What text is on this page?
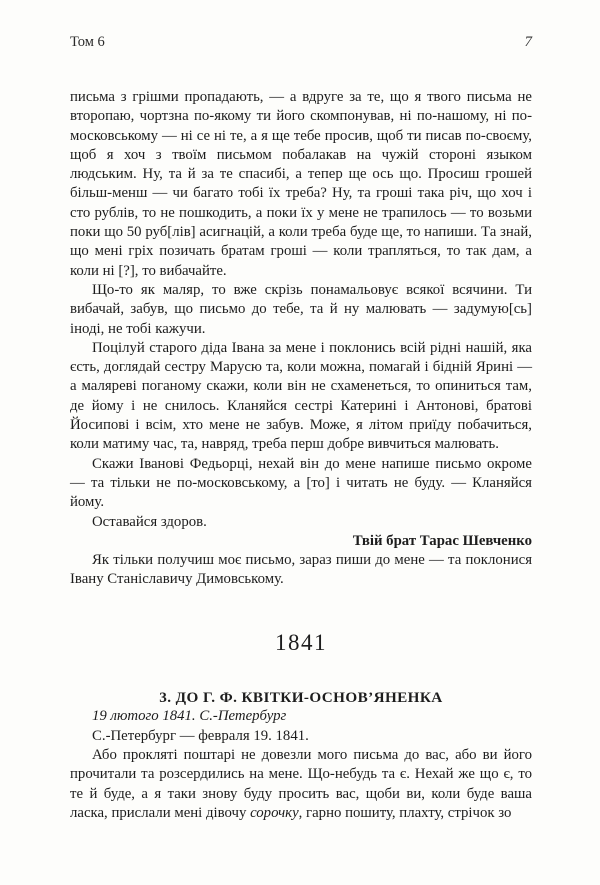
Том 6	7

письма з грішми пропадають, — а вдруге за те, що я твого письма не второпаю, чортзна по-якому ти його скомпонував, ні по-нашому, ні по-московському — ні се ні те, а я ще тебе просив, щоб ти писав по-своєму, щоб я хоч з твоїм письмом побалакав на чужій стороні языком людським. Ну, та й за те спасибі, а тепер ще ось що. Просиш грошей більш-менш — чи багато тобі їх треба? Ну, та гроші така річ, що хоч і сто рублів, то не пошкодить, а поки їх у мене не трапилось — то возьми поки що 50 руб[лів] асигнацій, а коли треба буде ще, то напиши. Та знай, що мені гріх позичать братам гроші — коли трапляться, то так дам, а коли ні [?], то вибачайте.

Що-то як маляр, то вже скрізь понамальовує всякої всячини. Ти вибачай, забув, що письмо до тебе, та й ну малювать — задумую[сь] іноді, не тобі кажучи.

Поцілуй старого діда Івана за мене і поклонись всій рідні нашій, яка єсть, доглядай сестру Марусю та, коли можна, помагай і бідній Ярині — а маляреві поганому скажи, коли він не схаменеться, то опиниться там, де йому і не снилось. Кланяйся сестрі Катерині і Антонові, братові Йосипові і всім, хто мене не забув. Може, я літом приїду побачиться, коли матиму час, та, навряд, треба перш добре вивчиться малювать.

Скажи Іванові Федьорці, нехай він до мене напише письмо окроме — та тільки не по-московському, а [то] і читать не буду. — Кланяйся йому.

Оставайся здоров.

Твій брат Тарас Шевченко

Як тільки получиш моє письмо, зараз пиши до мене — та поклонися Івану Станіславичу Димовському.

1841
3. ДО Г. Ф. КВІТКИ-ОСНОВ’ЯНЕНКА

19 лютого 1841. С.-Петербург

С.-Петербург — февраля 19. 1841.

Або прокляті поштарі не довезли мого письма до вас, або ви його прочитали та розсердились на мене. Що-небудь та є. Нехай же що є, то те й буде, а я таки знову буду просить вас, щоби ви, коли буде ваша ласка, прислали мені дівочу сорочку, гарно пошиту, плахту, стрічок зо
